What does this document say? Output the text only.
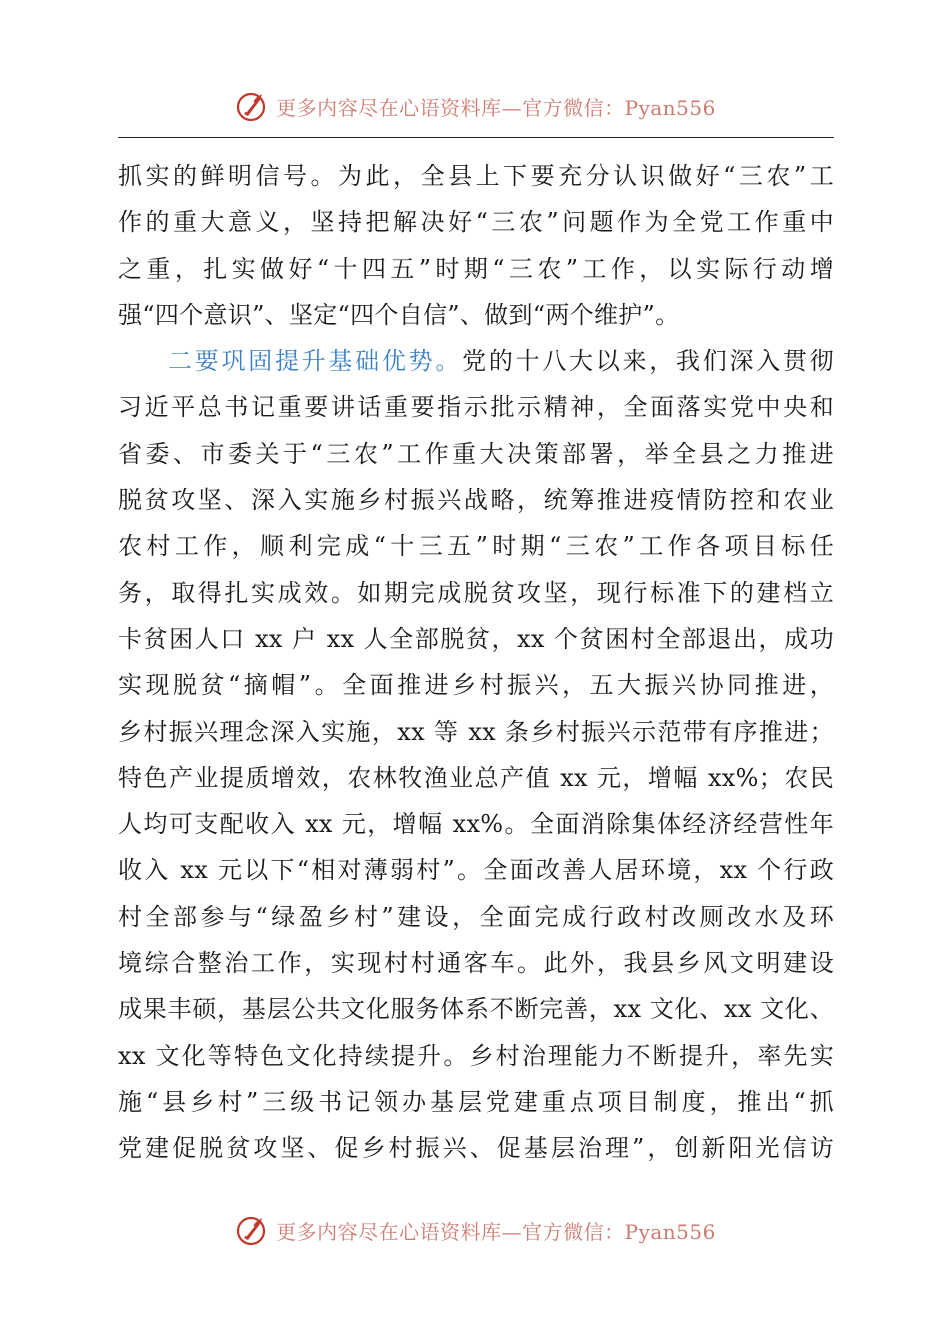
更多内容尽在心语资料库—官方微信：Pyan556
抓实的鲜明信号。为此，全县上下要充分认识做好“三农”工
作的重大意义，坚持把解决好“三农”问题作为全党工作重中
之重，扎实做好“十四五”时期“三农”工作，以实际行动增
强“四个意识”、坚定“四个自信”、做到“两个维护”。
二要巩固提升基础优势。党的十八大以来，我们深入贯彻
习近平总书记重要讲话重要指示批示精神，全面落实党中央和
省委、市委关于“三农”工作重大决策部署，举全县之力推进
脱贫攻坚、深入实施乡村振兴战略，统筹推进疫情防控和农业
农村工作，顺利完成“十三五”时期“三农”工作各项目标任
务，取得扎实成效。如期完成脱贫攻坚，现行标准下的建档立
卡贫困人口 xx 户 xx 人全部脱贫，xx 个贫困村全部退出，成功
实现脱贫“摘帽”。全面推进乡村振兴，五大振兴协同推进，
乡村振兴理念深入实施，xx 等 xx 条乡村振兴示范带有序推进；
特色产业提质增效，农林牧渔业总产值 xx 元，增幅 xx%；农民
人均可支配收入 xx 元，增幅 xx%。全面消除集体经济经营性年
收入 xx 元以下“相对薄弱村”。全面改善人居环境，xx 个行政
村全部参与“绿盈乡村”建设，全面完成行政村改厕改水及环
境综合整治工作，实现村村通客车。此外，我县乡风文明建设
成果丰硕，基层公共文化服务体系不断完善，xx 文化、xx 文化、
xx 文化等特色文化持续提升。乡村治理能力不断提升，率先实
施“县乡村”三级书记领办基层党建重点项目制度，推出“抓
党建促脱贫攻坚、促乡村振兴、促基层治理”，创新阳光信访
更多内容尽在心语资料库—官方微信：Pyan556
